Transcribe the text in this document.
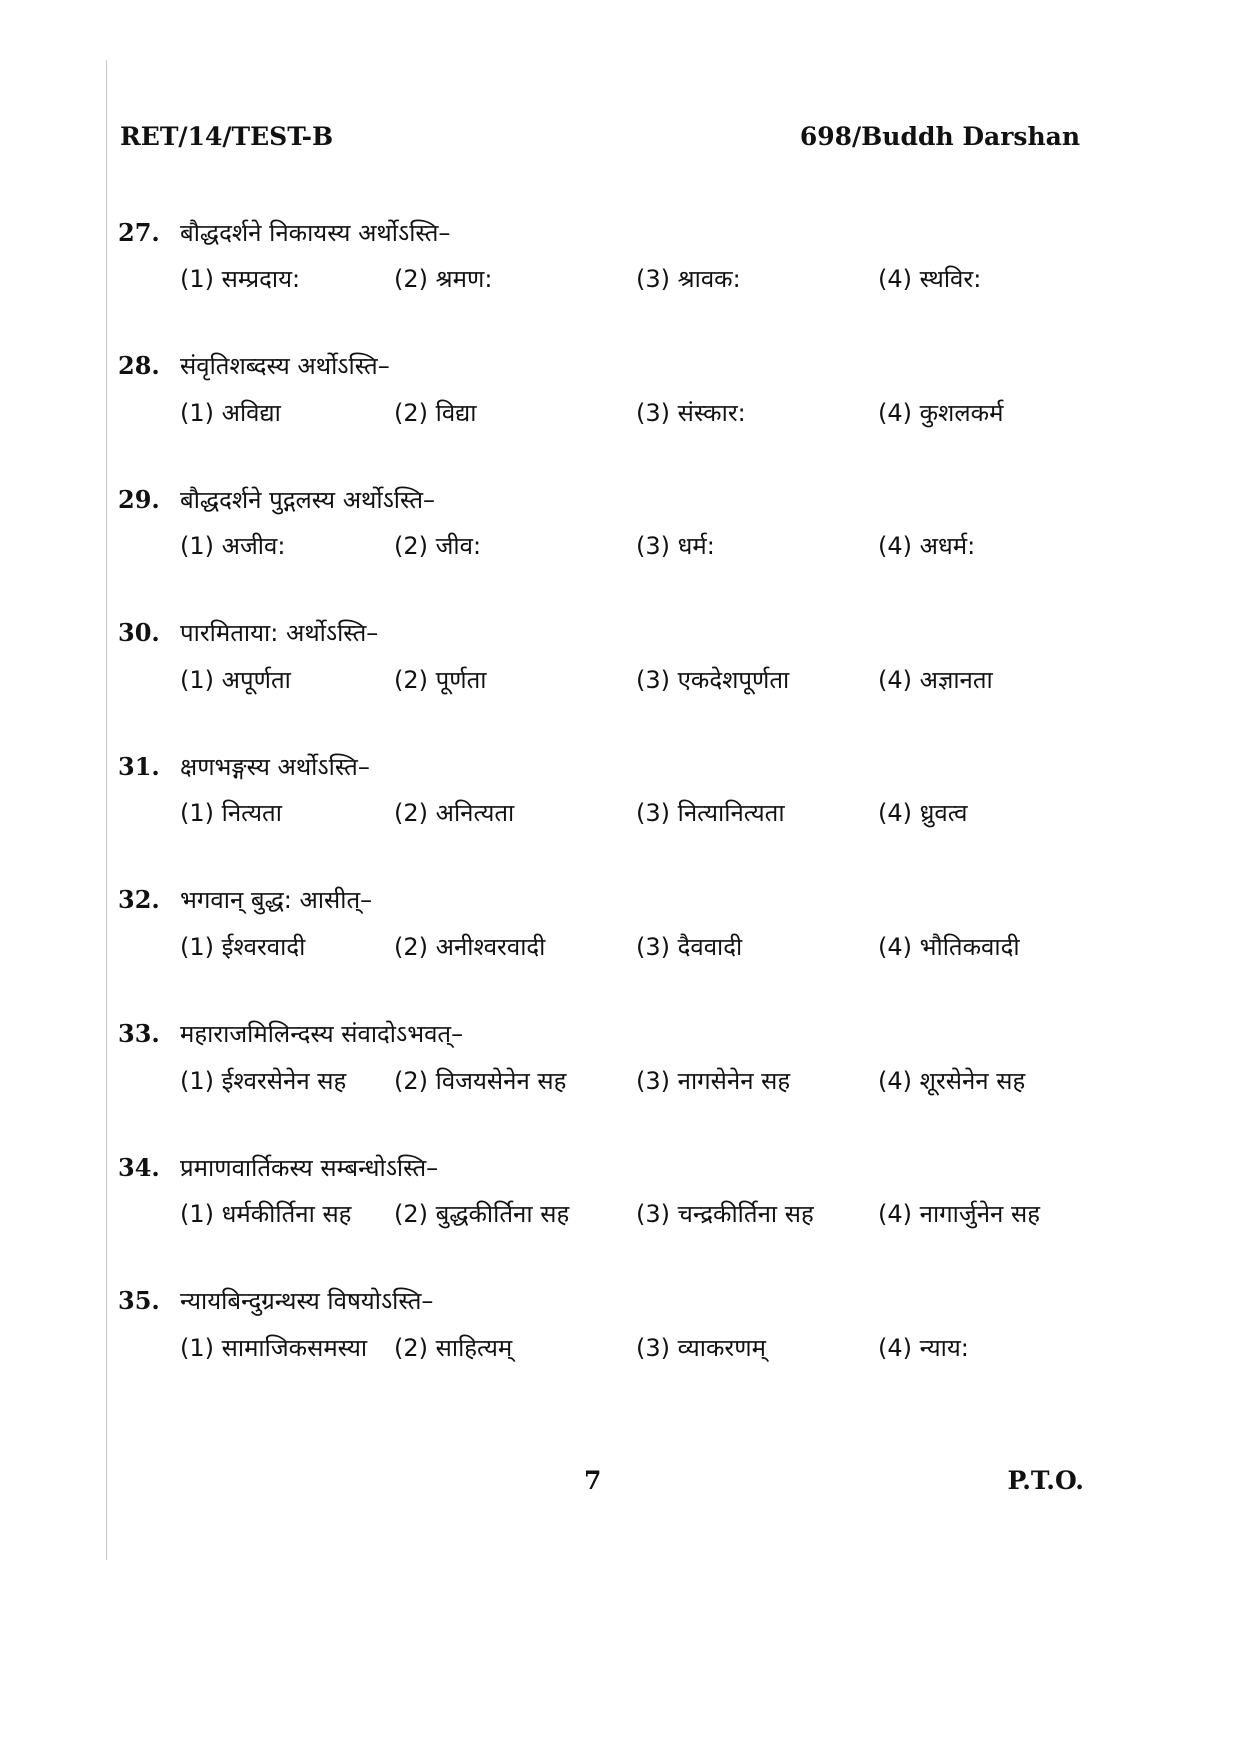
RET/14/TEST-B	698/Buddh Darshan
27. बौद्धदर्शने निकायस्य अर्थोऽस्ति–
(1) सम्प्रदाय:	(2) श्रमण:	(3) श्रावक:	(4) स्थविर:
28. संवृतिशब्दस्य अर्थोऽस्ति–
(1) अविद्या	(2) विद्या	(3) संस्कार:	(4) कुशलकर्म
29. बौद्धदर्शने पुद्गलस्य अर्थोऽस्ति–
(1) अजीव:	(2) जीव:	(3) धर्म:	(4) अधर्म:
30. पारमिताया: अर्थोऽस्ति–
(1) अपूर्णता	(2) पूर्णता	(3) एकदेशपूर्णता	(4) अज्ञानता
31. क्षणभङ्गस्य अर्थोऽस्ति–
(1) नित्यता	(2) अनित्यता	(3) नित्यानित्यता	(4) ध्रुवत्व
32. भगवान् बुद्ध: आसीत्–
(1) ईश्वरवादी	(2) अनीश्वरवादी	(3) दैववादी	(4) भौतिकवादी
33. महाराजमिलिन्दस्य संवादोऽभवत्–
(1) ईश्वरसेनेन सह (2) विजयसेनेन सह	(3) नागसेनेन सह	(4) शूरसेनेन सह
34. प्रमाणवार्तिकस्य सम्बन्धोऽस्ति–
(1) धर्मकीर्तिना सह (2) बुद्धकीर्तिना सह	(3) चन्द्रकीर्तिना सह	(4) नागार्जुनेन सह
35. न्यायबिन्दुग्रन्थस्य विषयोऽस्ति–
(1) सामाजिकसमस्या (2) साहित्यम्	(3) व्याकरणम्	(4) न्याय:
7	P.T.O.
